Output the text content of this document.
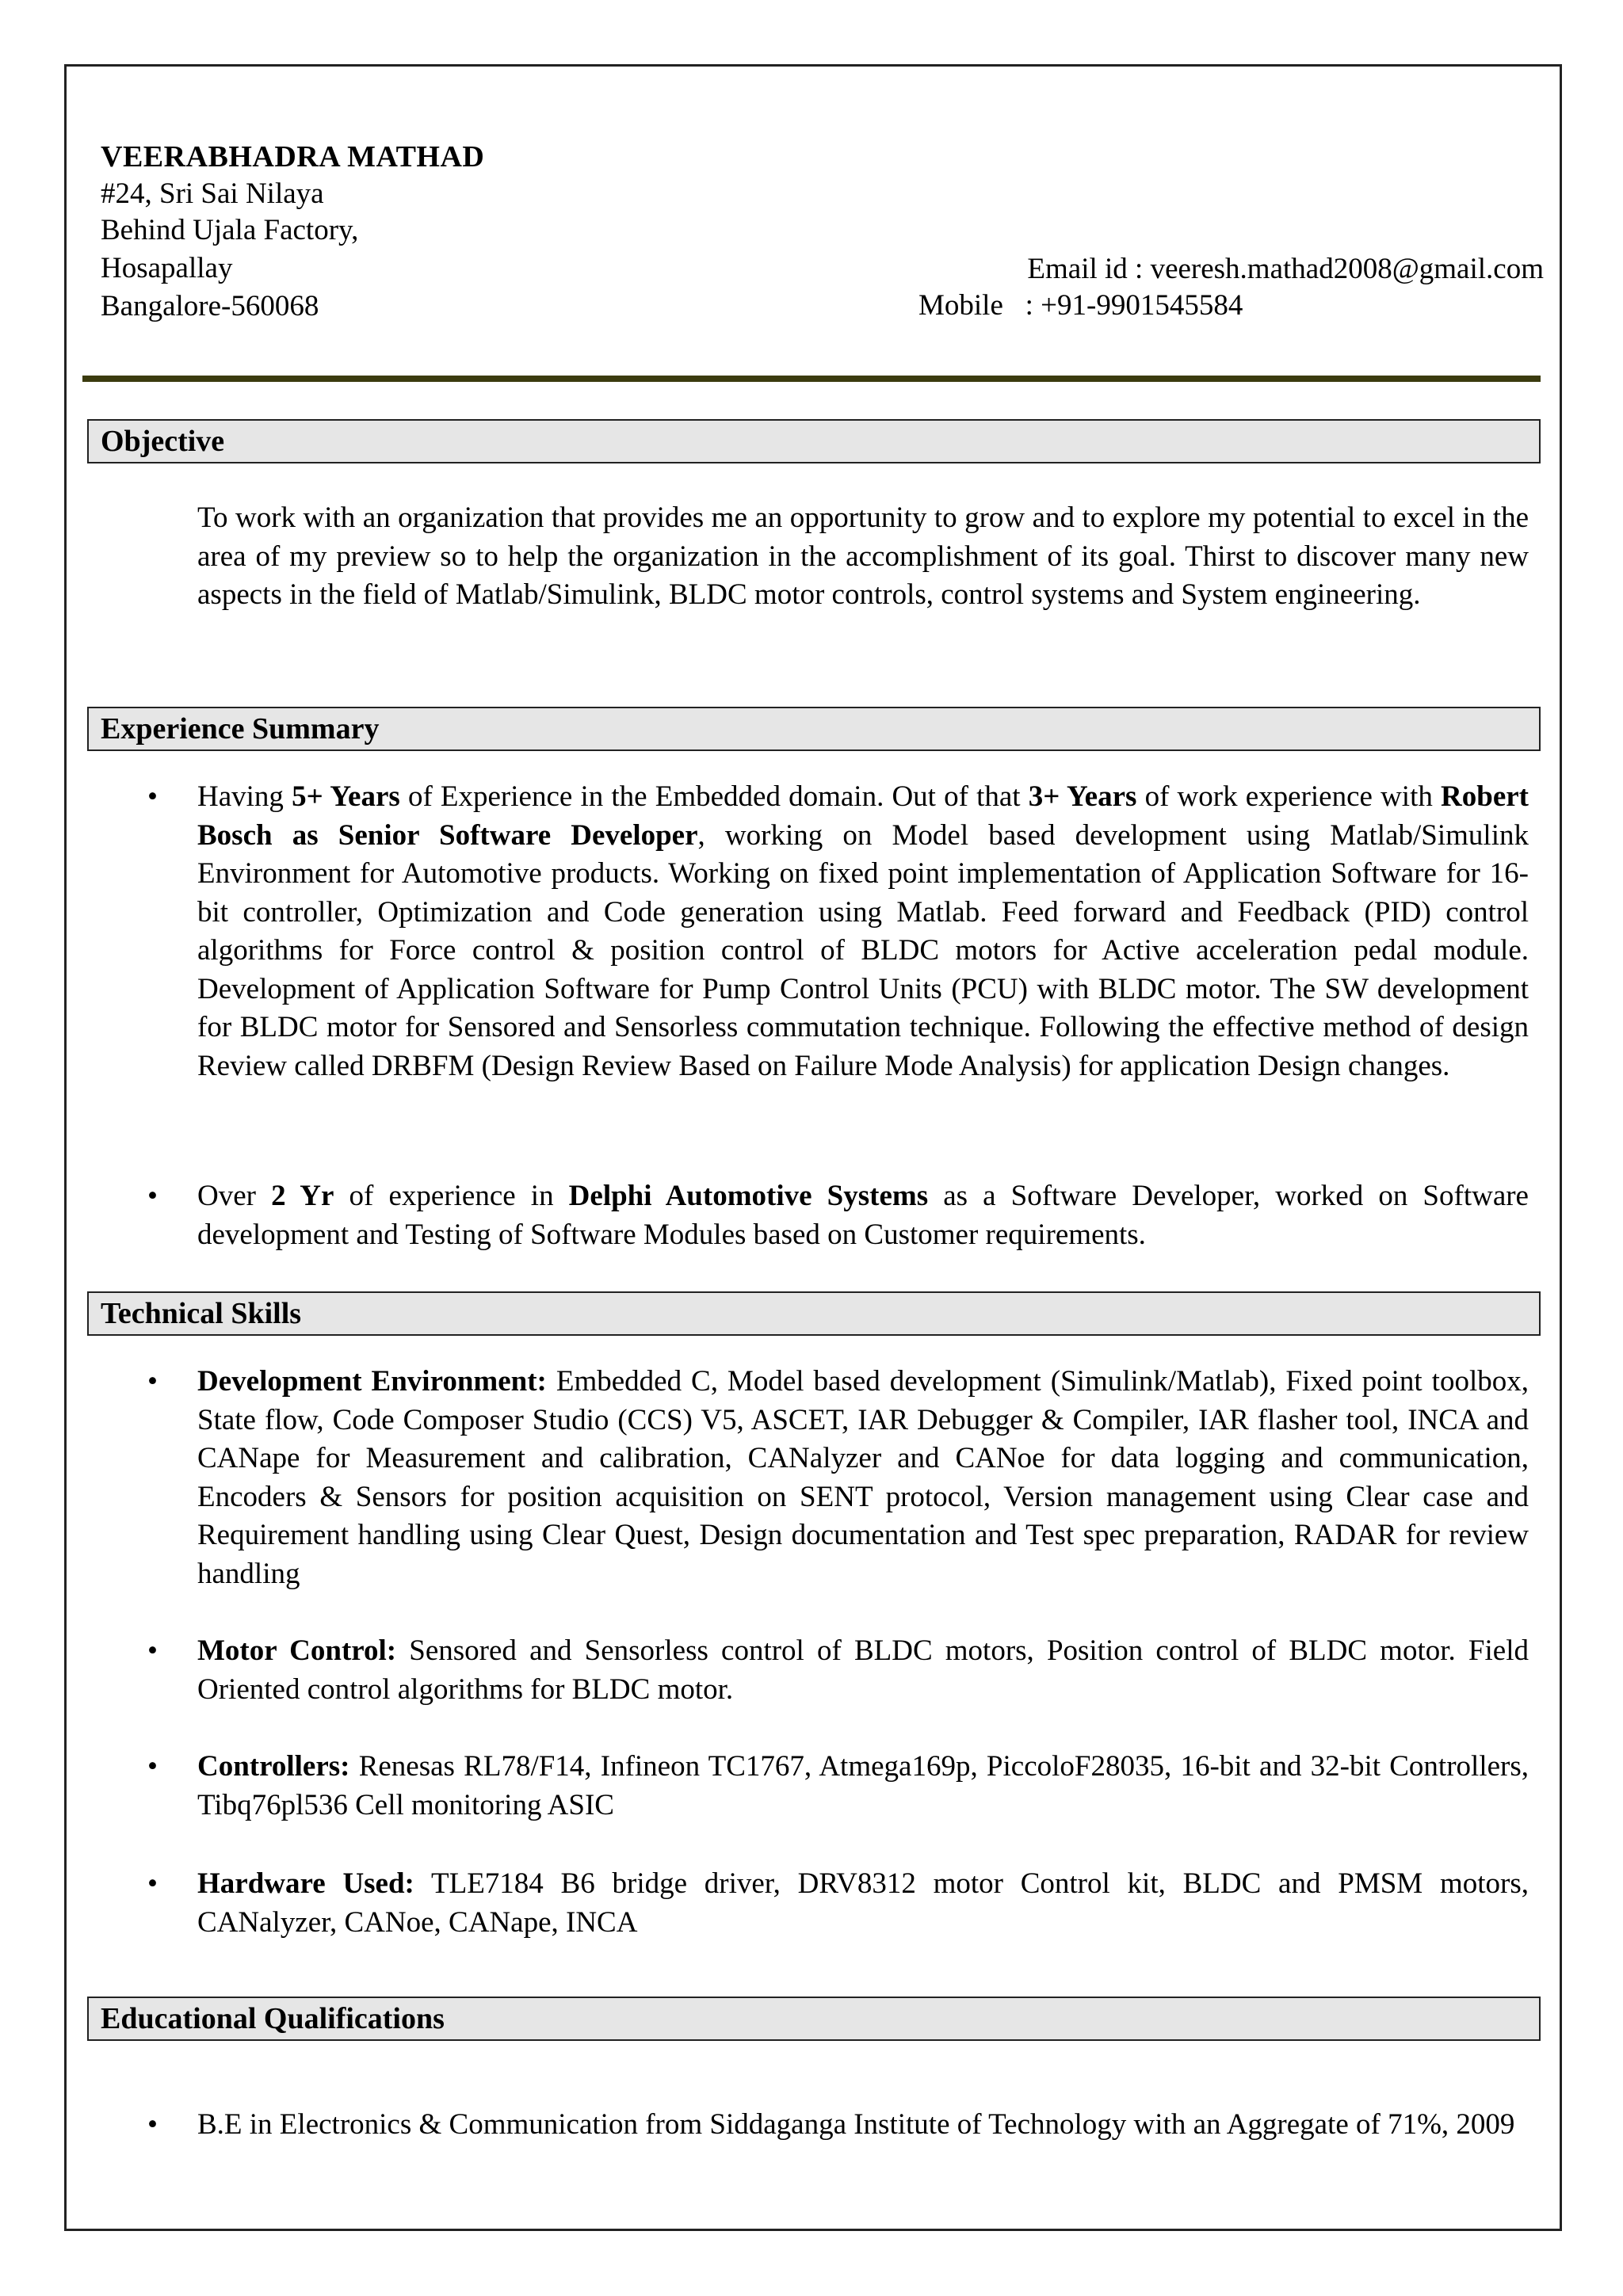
VEERABHADRA MATHAD
#24, Sri Sai Nilaya
Behind Ujala Factory,
Hosapallay
Bangalore-560068
Email id : veeresh.mathad2008@gmail.com
Mobile   : +91-9901545584
Objective
To work with an organization that provides me an opportunity to grow and to explore my potential to excel in the area of my preview so to help the organization in the accomplishment of its goal. Thirst to discover many new aspects in the field of Matlab/Simulink, BLDC motor controls, control systems and System engineering.
Experience Summary
• Having 5+ Years of Experience in the Embedded domain. Out of that 3+ Years of work experience with Robert Bosch as Senior Software Developer, working on Model based development using Matlab/Simulink Environment for Automotive products. Working on fixed point implementation of Application Software for 16-bit controller, Optimization and Code generation using Matlab. Feed forward and Feedback (PID) control algorithms for Force control & position control of BLDC motors for Active acceleration pedal module. Development of Application Software for Pump Control Units (PCU) with BLDC motor. The SW development for BLDC motor for Sensored and Sensorless commutation technique. Following the effective method of design Review called DRBFM (Design Review Based on Failure Mode Analysis) for application Design changes.
• Over 2 Yr of experience in Delphi Automotive Systems as a Software Developer, worked on Software development and Testing of Software Modules based on Customer requirements.
Technical Skills
• Development Environment: Embedded C, Model based development (Simulink/Matlab), Fixed point toolbox, State flow, Code Composer Studio (CCS) V5, ASCET, IAR Debugger & Compiler, IAR flasher tool, INCA and CANape for Measurement and calibration, CANalyzer and CANoe for data logging and communication, Encoders & Sensors for position acquisition on SENT protocol, Version management using Clear case and Requirement handling using Clear Quest, Design documentation and Test spec preparation, RADAR for review handling
• Motor Control: Sensored and Sensorless control of BLDC motors, Position control of BLDC motor. Field Oriented control algorithms for BLDC motor.
• Controllers: Renesas RL78/F14, Infineon TC1767, Atmega169p, PiccoloF28035, 16-bit and 32-bit Controllers, Tibq76pl536 Cell monitoring ASIC
• Hardware Used: TLE7184 B6 bridge driver, DRV8312 motor Control kit, BLDC and PMSM motors, CANalyzer, CANoe, CANape, INCA
Educational Qualifications
• B.E in Electronics & Communication from Siddaganga Institute of Technology with an Aggregate of 71%, 2009
